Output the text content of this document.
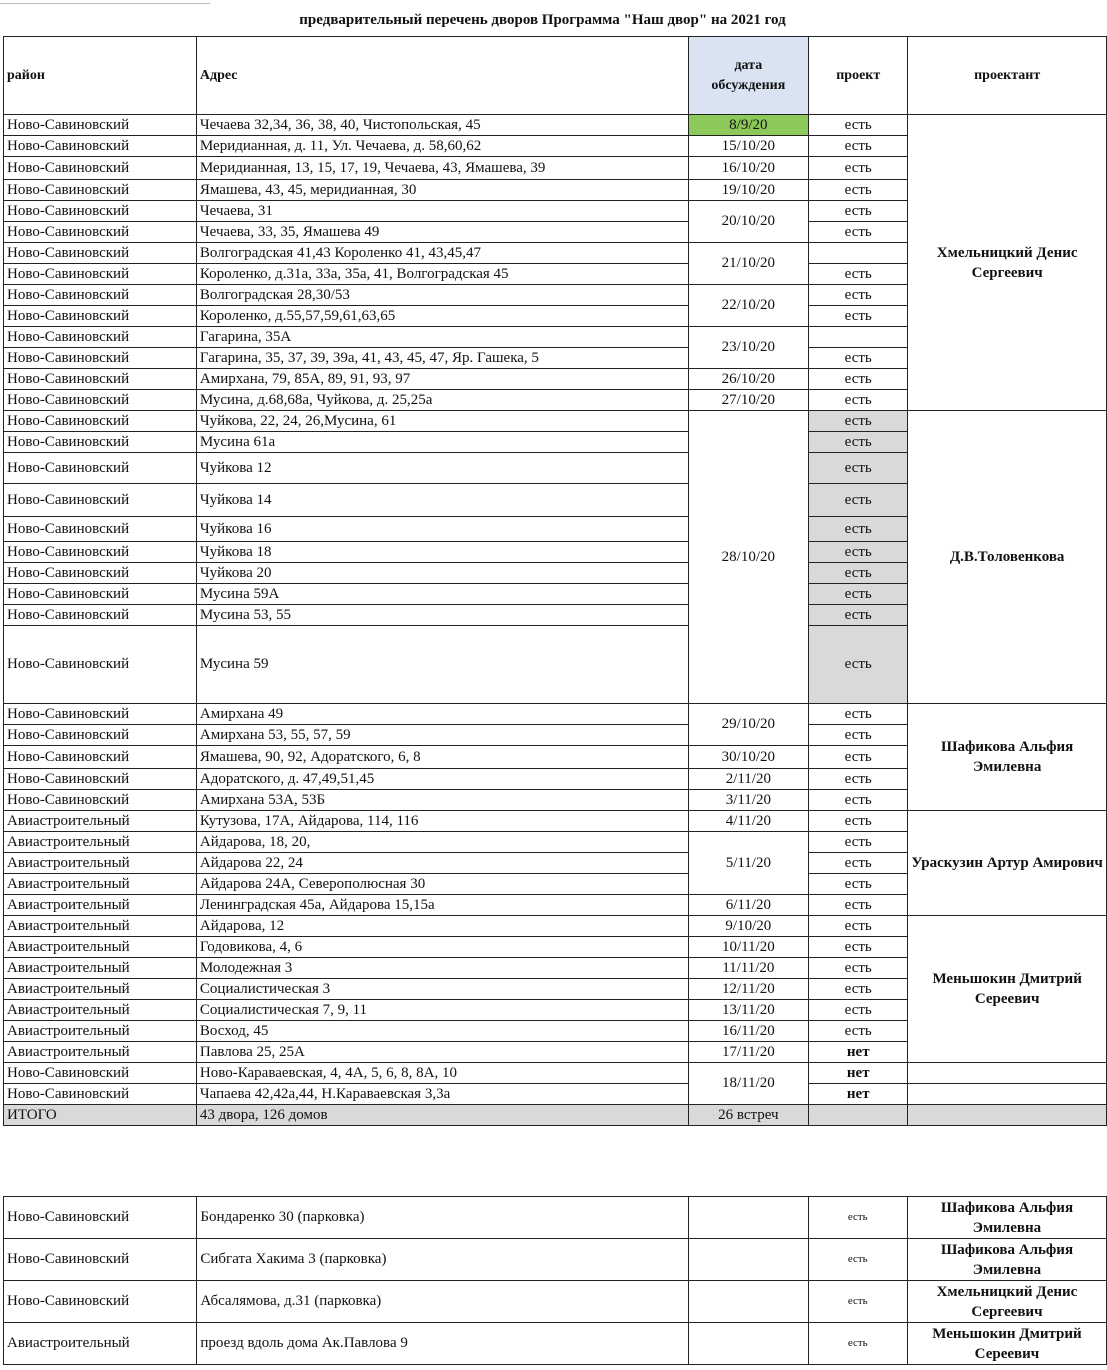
предварительный перечень дворов Программа "Наш двор" на 2021 год
район	Адрес	дата обсуждения	проект	проектант
Ново-Савиновский	Чечаева 32,34, 36, 38, 40, Чистопольская, 45	8/9/20	есть	Хмельницкий Денис Сергеевич
Ново-Савиновский	Меридианная, д. 11, Ул. Чечаева, д. 58,60,62	15/10/20	есть	
Ново-Савиновский	Меридианная, 13, 15, 17, 19, Чечаева, 43, Ямашева, 39	16/10/20	есть	
Ново-Савиновский	Ямашева, 43, 45, меридианная, 30	19/10/20	есть	
Ново-Савиновский	Чечаева, 31	20/10/20	есть	
Ново-Савиновский	Чечаева, 33, 35, Ямашева 49		есть	
Ново-Савиновский	Волгоградская 41,43 Короленко 41, 43,45,47	21/10/20		
Ново-Савиновский	Короленко, д.31а, 33а, 35а, 41, Волгоградская 45		есть	
Ново-Савиновский	Волгоградская 28,30/53	22/10/20	есть	
Ново-Савиновский	Короленко, д.55,57,59,61,63,65		есть	
Ново-Савиновский	Гагарина, 35А	23/10/20		
Ново-Савиновский	Гагарина, 35, 37, 39, 39а, 41, 43, 45, 47, Яр. Гашека, 5		есть	
Ново-Савиновский	Амирхана, 79, 85А, 89, 91, 93, 97	26/10/20	есть	
Ново-Савиновский	Мусина, д.68,68а, Чуйкова, д. 25,25а	27/10/20	есть	
Ново-Савиновский	Чуйкова, 22, 24, 26,Мусина, 61	28/10/20	есть	Д.В.Толовенкова
Ново-Савиновский	Мусина 61а		есть	
Ново-Савиновский	Чуйкова 12		есть	
Ново-Савиновский	Чуйкова 14		есть	
Ново-Савиновский	Чуйкова 16		есть	
Ново-Савиновский	Чуйкова 18		есть	
Ново-Савиновский	Чуйкова 20		есть	
Ново-Савиновский	Мусина 59А		есть	
Ново-Савиновский	Мусина 53, 55		есть	
Ново-Савиновский	Мусина 59		есть	
Ново-Савиновский	Амирхана 49	29/10/20	есть	Шафикова Альфия Эмилевна
Ново-Савиновский	Амирхана 53, 55, 57, 59		есть	
Ново-Савиновский	Ямашева, 90, 92, Адоратского, 6, 8	30/10/20	есть	
Ново-Савиновский	Адоратского, д. 47,49,51,45	2/11/20	есть	
Ново-Савиновский	Амирхана 53А, 53Б	3/11/20	есть	
Авиастроительный	Кутузова, 17А, Айдарова, 114, 116	4/11/20	есть	Ураскузин Артур Амирович
Авиастроительный	Айдарова, 18, 20,	5/11/20	есть	
Авиастроительный	Айдарова 22, 24		есть	
Авиастроительный	Айдарова 24А, Северополюсная 30		есть	
Авиастроительный	Ленинградская 45а, Айдарова 15,15а	6/11/20	есть	
Авиастроительный	Айдарова, 12	9/10/20	есть	Меньшокин Дмитрий Сереевич
Авиастроительный	Годовикова, 4, 6	10/11/20	есть	
Авиастроительный	Молодежная 3	11/11/20	есть	
Авиастроительный	Социалистическая 3	12/11/20	есть	
Авиастроительный	Социалистическая 7, 9, 11	13/11/20	есть	
Авиастроительный	Восход, 45	16/11/20	есть	
Авиастроительный	Павлова 25, 25А	17/11/20	нет	
Ново-Савиновский	Ново-Караваевская, 4, 4А, 5, 6, 8, 8А, 10	18/11/20	нет	
Ново-Савиновский	Чапаева 42,42а,44, Н.Караваевская 3,3а		нет	
ИТОГО	43 двора, 126 домов	26 встреч		
Ново-Савиновский	Бондаренко 30 (парковка)		есть	Шафикова Альфия Эмилевна
Ново-Савиновский	Сибгата Хакима 3 (парковка)		есть	Шафикова Альфия Эмилевна
Ново-Савиновский	Абсалямова, д.31 (парковка)		есть	Хмельницкий Денис Сергеевич
Авиастроительный	проезд вдоль дома Ак.Павлова 9		есть	Меньшокин Дмитрий Сереевич
